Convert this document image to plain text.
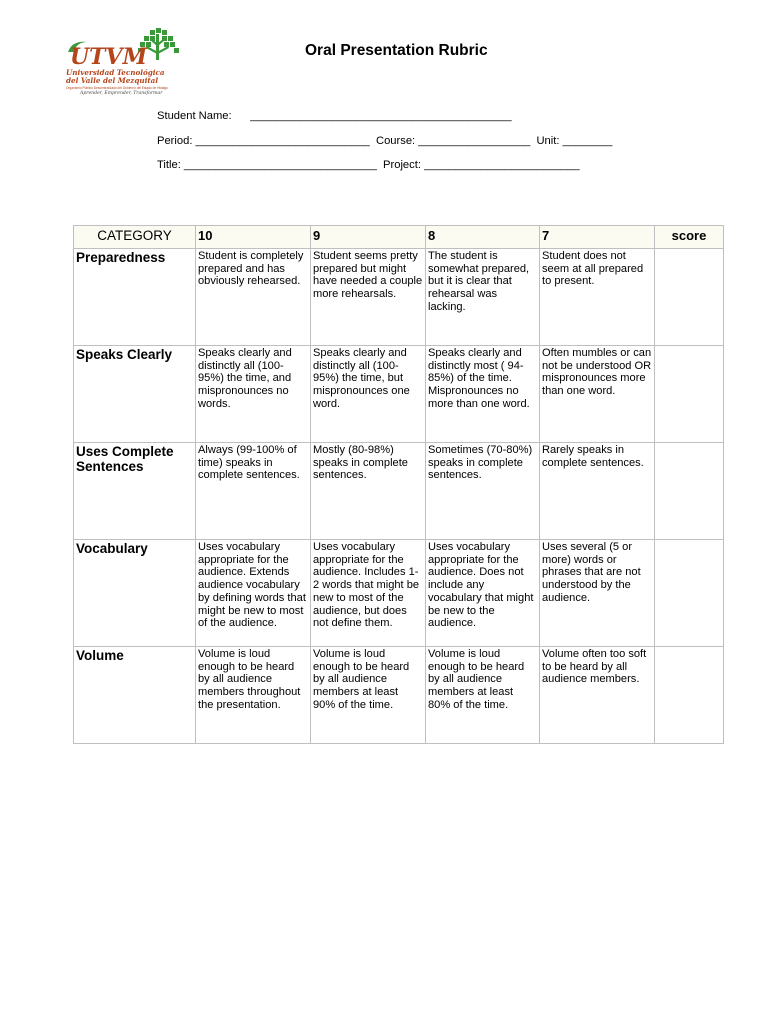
UTVM
Universidad Tecnológica
del Valle del Mezquital
Organismo Público Descentralizado del Gobierno del Estado de Hidalgo
Aprender, Emprender, Transformar
Oral Presentation Rubric
Student Name:      __________________________________________
Period: ____________________________  Course: __________________  Unit: ________
Title: _______________________________  Project: _________________________
CATEGORY	10	9	8	7	score
Preparedness	Student is completely prepared and has obviously rehearsed.	Student seems pretty prepared but might have needed a couple more rehearsals.	The student is somewhat prepared, but it is clear that rehearsal was lacking.	Student does not seem at all prepared to present.	
Speaks Clearly	Speaks clearly and distinctly all (100-95%) the time, and mispronounces no words.	Speaks clearly and distinctly all (100-95%) the time, but mispronounces one word.	Speaks clearly and distinctly most ( 94-85%) of the time. Mispronounces no more than one word.	Often mumbles or can not be understood OR mispronounces more than one word.	
Uses Complete Sentences	Always (99-100% of time) speaks in complete sentences.	Mostly (80-98%) speaks in complete sentences.	Sometimes (70-80%) speaks in complete sentences.	Rarely speaks in complete sentences.	
Vocabulary	Uses vocabulary appropriate for the audience. Extends audience vocabulary by defining words that might be new to most of the audience.	Uses vocabulary appropriate for the audience. Includes 1-2 words that might be new to most of the audience, but does not define them.	Uses vocabulary appropriate for the audience. Does not include any vocabulary that might be new to the audience.	Uses several (5 or more) words or phrases that are not understood by the audience.	
Volume	Volume is loud enough to be heard by all audience members throughout the presentation.	Volume is loud enough to be heard by all audience members at least 90% of the time.	Volume is loud enough to be heard by all audience members at least 80% of the time.	Volume often too soft to be heard by all audience members.	
